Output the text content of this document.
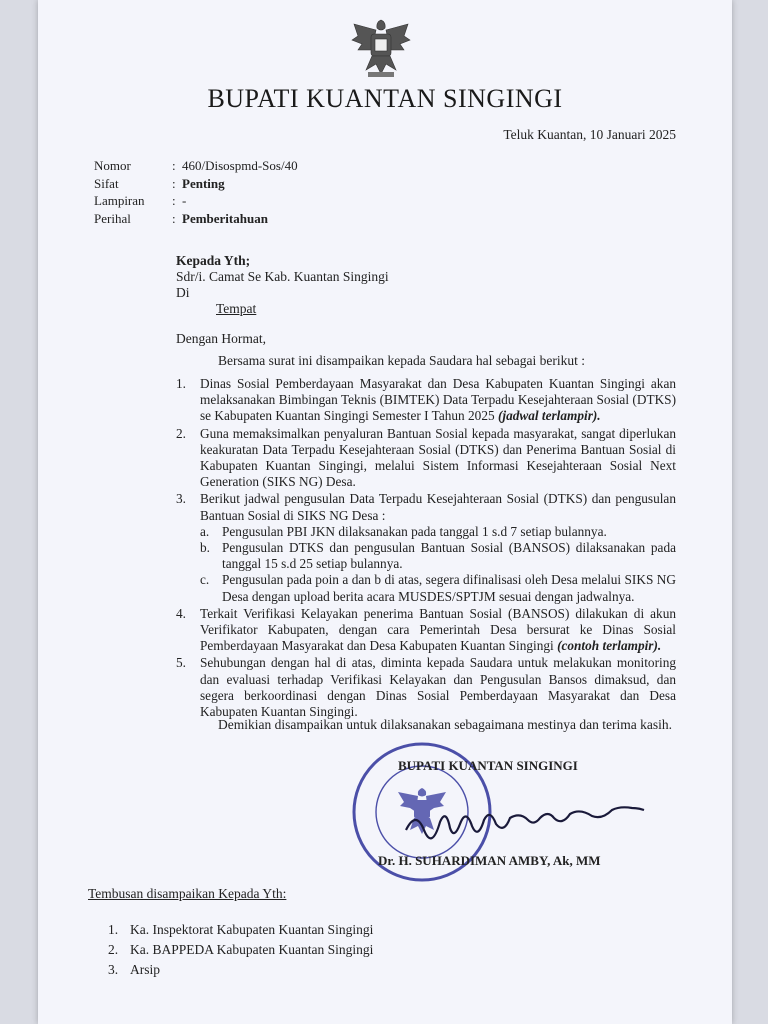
BUPATI KUANTAN SINGINGI
Teluk Kuantan, 10 Januari 2025
Nomor	: 460/Disospmd-Sos/40
Sifat	: Penting
Lampiran	: -
Perihal	: Pemberitahuan
Kepada Yth;
Sdr/i. Camat Se Kab. Kuantan Singingi
Di
Tempat
Dengan Hormat,
Bersama surat ini disampaikan kepada Saudara hal sebagai berikut :
1.	Dinas Sosial Pemberdayaan Masyarakat dan Desa Kabupaten Kuantan Singingi akan melaksanakan Bimbingan Teknis (BIMTEK) Data Terpadu Kesejahteraan Sosial (DTKS) se Kabupaten Kuantan Singingi Semester I Tahun 2025 (jadwal terlampir).
2.	Guna memaksimalkan penyaluran Bantuan Sosial kepada masyarakat, sangat diperlukan keakuratan Data Terpadu Kesejahteraan Sosial (DTKS) dan Penerima Bantuan Sosial di Kabupaten Kuantan Singingi, melalui Sistem Informasi Kesejahteraan Sosial Next Generation (SIKS NG) Desa.
3.	Berikut jadwal pengusulan Data Terpadu Kesejahteraan Sosial (DTKS) dan pengusulan Bantuan Sosial di SIKS NG Desa :
a. Pengusulan PBI JKN dilaksanakan pada tanggal 1 s.d 7 setiap bulannya.
b. Pengusulan DTKS dan pengusulan Bantuan Sosial (BANSOS) dilaksanakan pada tanggal 15 s.d 25 setiap bulannya.
c. Pengusulan pada poin a dan b di atas, segera difinalisasi oleh Desa melalui SIKS NG Desa dengan upload berita acara MUSDES/SPTJM sesuai dengan jadwalnya.
4.	Terkait Verifikasi Kelayakan penerima Bantuan Sosial (BANSOS) dilakukan di akun Verifikator Kabupaten, dengan cara Pemerintah Desa bersurat ke Dinas Sosial Pemberdayaan Masyarakat dan Desa Kabupaten Kuantan Singingi (contoh terlampir).
5.	Sehubungan dengan hal di atas, diminta kepada Saudara untuk melakukan monitoring dan evaluasi terhadap Verifikasi Kelayakan dan Pengusulan Bansos dimaksud, dan segera berkoordinasi dengan Dinas Sosial Pemberdayaan Masyarakat dan Desa Kabupaten Kuantan Singingi.
Demikian disampaikan untuk dilaksanakan sebagaimana mestinya dan terima kasih.
BUPATI KUANTAN SINGINGI
Dr. H. SUHARDIMAN AMBY, Ak, MM
Tembusan disampaikan Kepada Yth:
1. Ka. Inspektorat Kabupaten Kuantan Singingi
2. Ka. BAPPEDA Kabupaten Kuantan Singingi
3. Arsip
